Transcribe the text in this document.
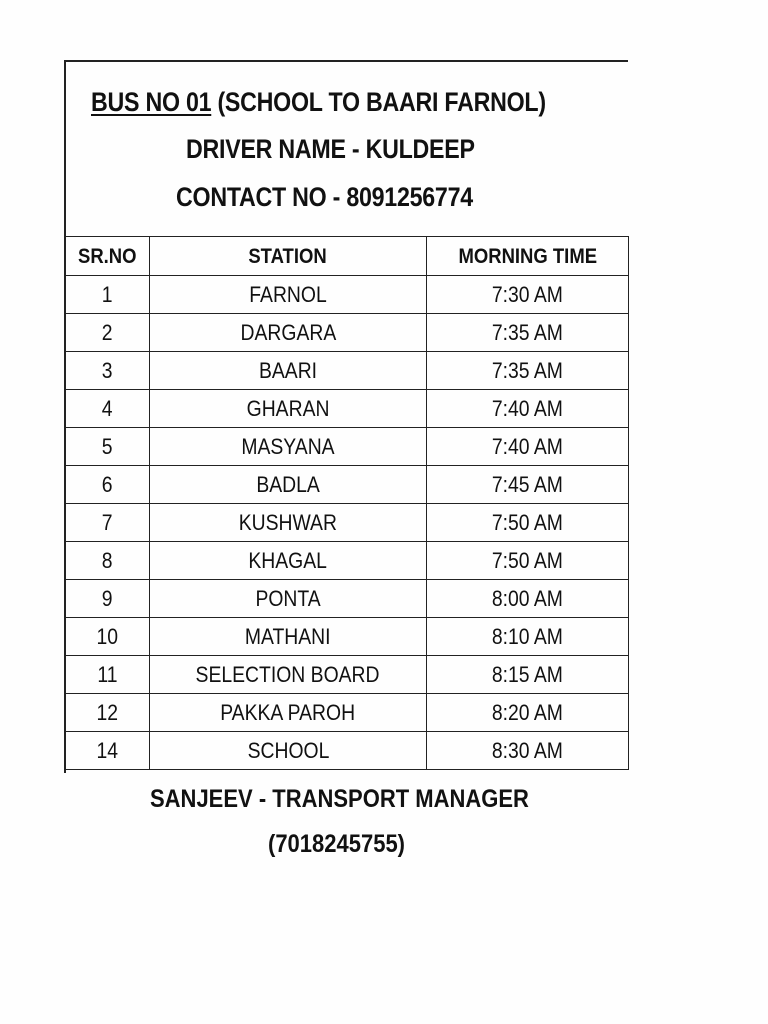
BUS NO 01 (SCHOOL TO BAARI FARNOL)
DRIVER NAME - KULDEEP
CONTACT NO - 8091256774
SR.NO	STATION	MORNING TIME
1	FARNOL	7:30 AM
2	DARGARA	7:35 AM
3	BAARI	7:35 AM
4	GHARAN	7:40 AM
5	MASYANA	7:40 AM
6	BADLA	7:45 AM
7	KUSHWAR	7:50 AM
8	KHAGAL	7:50 AM
9	PONTA	8:00 AM
10	MATHANI	8:10 AM
11	SELECTION BOARD	8:15 AM
12	PAKKA PAROH	8:20 AM
14	SCHOOL	8:30 AM
SANJEEV - TRANSPORT MANAGER
(7018245755)
